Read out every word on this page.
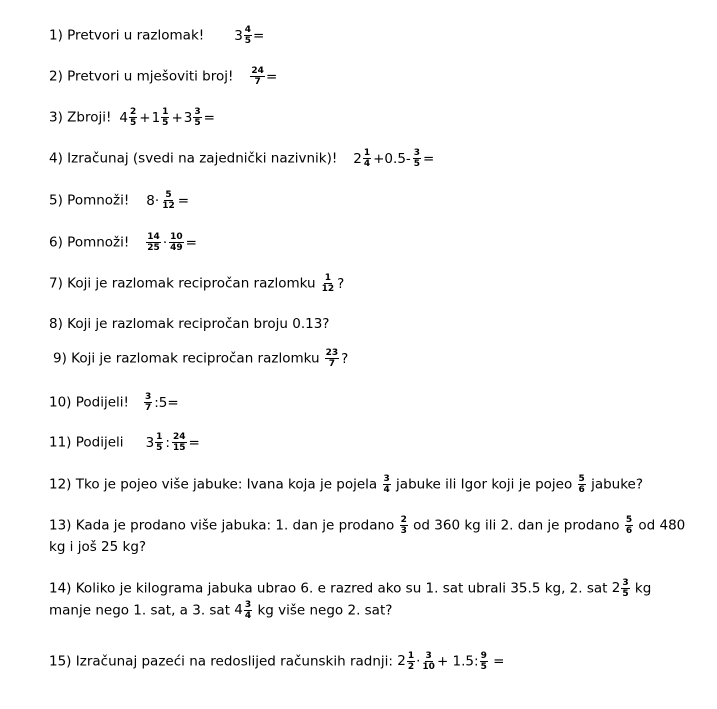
1) Pretvori u razlomak! $3 \frac{4}{5}$ =
2) Pretvori u mješoviti broj! $\frac{24}{7}$ =
3) Zbroji! $4 \frac{2}{5} + 1 \frac{1}{5} + 3 \frac{3}{5}$ =
4) Izračunaj (svedi na zajednički nazivnik)! $2 \frac{1}{4} +0.5- \frac{3}{5}$ =
5) Pomnoži! $8\cdot \frac{5}{12}$ =
6) Pomnoži! $\frac{14}{25} \cdot \frac{10}{49}$ =
7) Koji je razlomak recipročan razlomku $\frac{1}{12}$ ?
8) Koji je razlomak recipročan broju 0.13?
9) Koji je razlomak recipročan razlomku $\frac{23}{7}$ ?
10) Podijeli! $\frac{3}{7}$ :5=
11) Podijeli $3 \frac{1}{5}$ : $\frac{24}{15}$ =
12) Tko je pojeo više jabuke: Ivana koja je pojela $\frac{3}{4}$ jabuke ili Igor koji je pojeo $\frac{5}{6}$ jabuke?
13) Kada je prodano više jabuka: 1. dan je prodano $\frac{2}{3}$ od 360 kg ili 2. dan je prodano $\frac{5}{6}$ od 480 kg i još 25 kg?
14) Koliko je kilograma jabuka ubrao 6. e razred ako su 1. sat ubrali 35.5 kg, 2. sat $2 \frac{3}{5}$ kg manje nego 1. sat, a 3. sat $4 \frac{3}{4}$ kg više nego 2. sat?
15) Izračunaj pazeći na redoslijed računskih radnji: $2 \frac{1}{2} \cdot \frac{3}{10} + 1.5$: $\frac{9}{5}$ =
